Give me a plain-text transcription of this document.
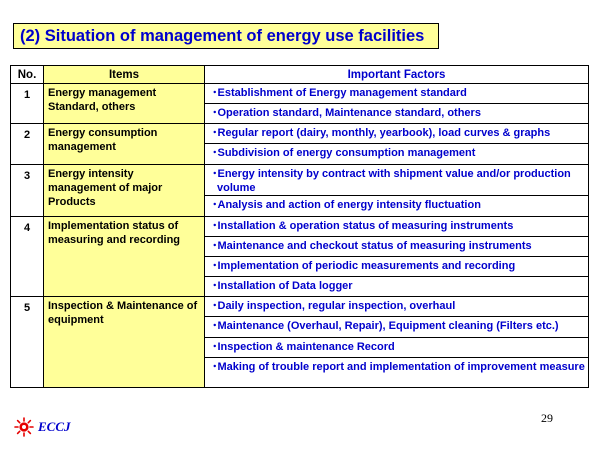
(2) Situation of management of energy use facilities
No.	Items	Important Factors
1	Energy management Standard, others	･Establishment of Energy management standard
		･Operation standard, Maintenance standard, others
2	Energy consumption management	･Regular report (dairy, monthly, yearbook), load curves & graphs
		･Subdivision of energy consumption management
3	Energy intensity management of major Products	･Energy intensity by contract with shipment value and/or production volume
		･Analysis and action of energy intensity fluctuation
4	Implementation status of measuring and recording	･Installation & operation status of measuring instruments
		･Maintenance and checkout status of measuring instruments
		･Implementation of periodic measurements and recording
		･Installation of Data logger
5	Inspection & Maintenance of equipment	･Daily inspection, regular inspection, overhaul
		･Maintenance (Overhaul, Repair), Equipment cleaning (Filters etc.)
		･Inspection & maintenance Record
		･Making of trouble report and implementation of improvement measure
ECCJ
29
